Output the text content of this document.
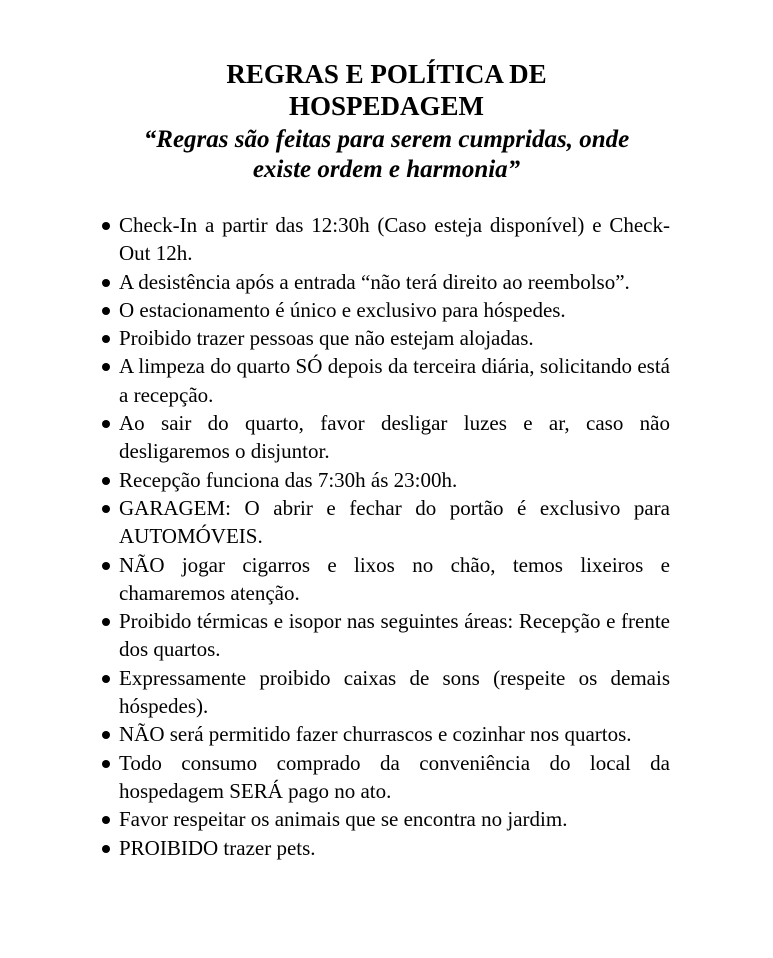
REGRAS E POLÍTICA DE
HOSPEDAGEM
“Regras são feitas para serem cumpridas, onde
existe ordem e harmonia”
Check-In a partir das 12:30h (Caso esteja disponível) e Check-Out 12h.
A desistência após a entrada “não terá direito ao reembolso”.
O estacionamento é único e exclusivo para hóspedes.
Proibido trazer pessoas que não estejam alojadas.
A limpeza do quarto SÓ depois da terceira diária, solicitando está a recepção.
Ao sair do quarto, favor desligar luzes e ar, caso não desligaremos o disjuntor.
Recepção funciona das 7:30h ás 23:00h.
GARAGEM: O abrir e fechar do portão é exclusivo para AUTOMÓVEIS.
NÃO jogar cigarros e lixos no chão, temos lixeiros e chamaremos atenção.
Proibido térmicas e isopor nas seguintes áreas: Recepção e frente dos quartos.
Expressamente proibido caixas de sons (respeite os demais hóspedes).
NÃO será permitido fazer churrascos e cozinhar nos quartos.
Todo consumo comprado da conveniência do local da hospedagem SERÁ pago no ato.
Favor respeitar os animais que se encontra no jardim.
PROIBIDO trazer pets.
